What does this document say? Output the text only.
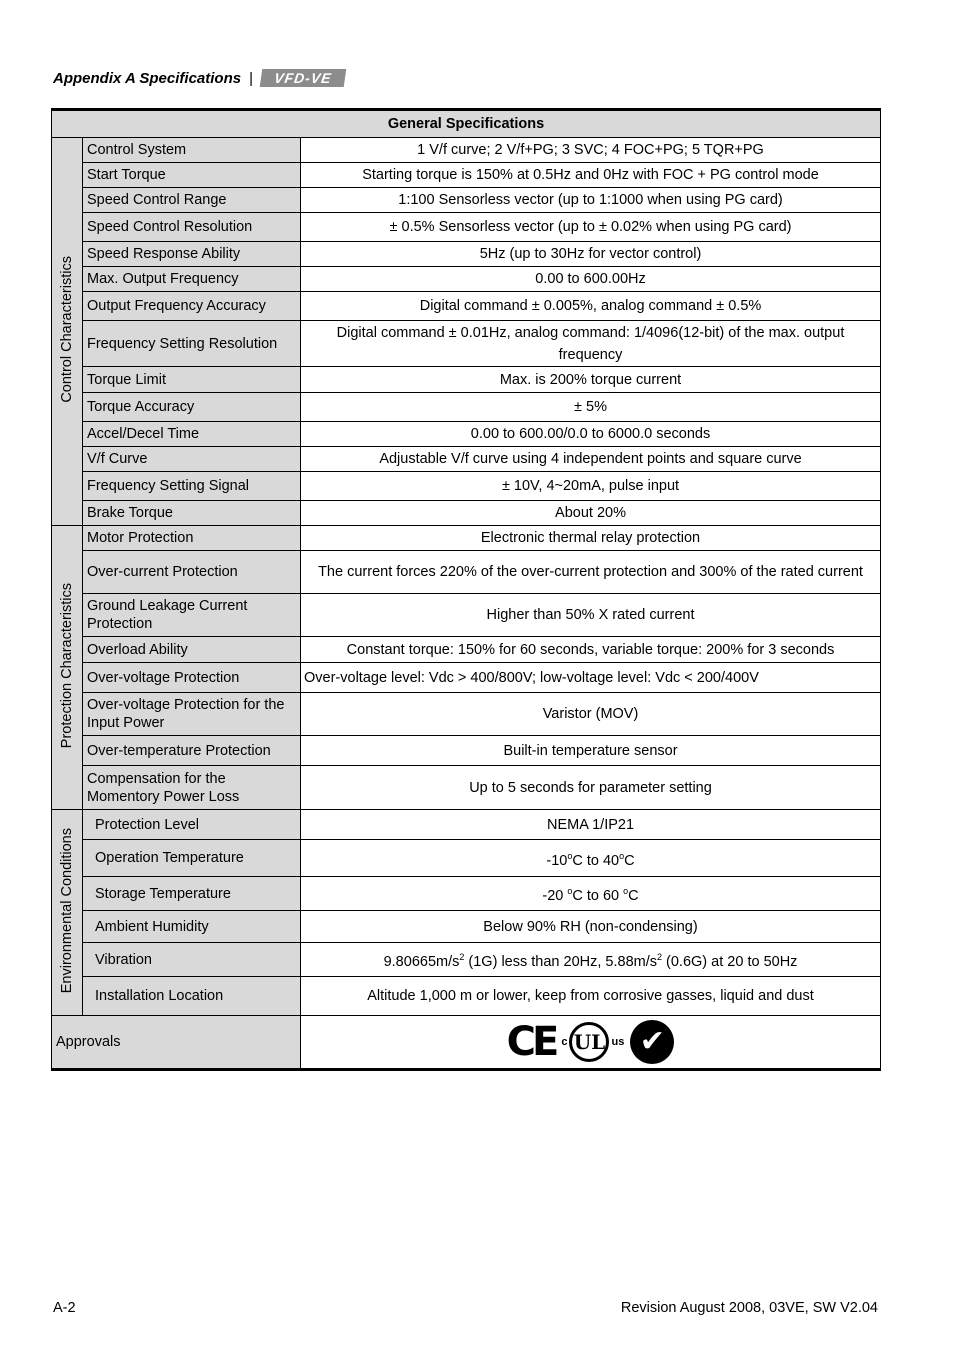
Appendix A Specifications |	VFD-VE
General Specifications		
Control Characteristics	Control System	1 V/f curve; 2 V/f+PG; 3 SVC; 4 FOC+PG; 5 TQR+PG
	Start Torque	Starting torque is 150% at 0.5Hz and 0Hz with FOC + PG control mode
	Speed Control Range	1:100 Sensorless vector (up to 1:1000 when using PG card)
	Speed Control Resolution	± 0.5% Sensorless vector (up to ± 0.02% when using PG card)
	Speed Response Ability	5Hz (up to 30Hz for vector control)
	Max. Output Frequency	0.00 to 600.00Hz
	Output Frequency Accuracy	Digital command ± 0.005%, analog command ± 0.5%
	Frequency Setting Resolution	Digital command ± 0.01Hz, analog command: 1/4096(12-bit) of the max. output frequency
	Torque Limit	Max. is 200% torque current
	Torque Accuracy	± 5%
	Accel/Decel Time	0.00 to 600.00/0.0 to 6000.0 seconds
	V/f Curve	Adjustable V/f curve using 4 independent points and square curve
	Frequency Setting Signal	± 10V, 4~20mA, pulse input
	Brake Torque	About 20%
Protection Characteristics	Motor Protection	Electronic thermal relay protection
	Over-current Protection	The current forces 220% of the over-current protection and 300% of the rated current
	Ground Leakage Current Protection	Higher than 50% X rated current
	Overload Ability	Constant torque: 150% for 60 seconds, variable torque: 200% for 3 seconds
	Over-voltage Protection	Over-voltage level: Vdc > 400/800V; low-voltage level: Vdc < 200/400V
	Over-voltage Protection for the Input Power	Varistor (MOV)
	Over-temperature Protection	Built-in temperature sensor
	Compensation for the Momentory Power Loss	Up to 5 seconds for parameter setting
Environmental Conditions	Protection Level	NEMA 1/IP21
	Operation Temperature	-10$^o$C to 40$^o$C
	Storage Temperature	-20 $^o$C to 60 $^o$C
	Ambient Humidity	Below 90% RH (non-condensing)
	Vibration	$9.80665m/s^2$ (1G) less than 20Hz, $5.88m/s^2$ (0.6G) at 20 to 50Hz
	Installation Location	Altitude 1,000 m or lower, keep from corrosive gasses, liquid and dust
Approvals		CE c UL us ✔
A-2	Revision August 2008, 03VE, SW V2.04
